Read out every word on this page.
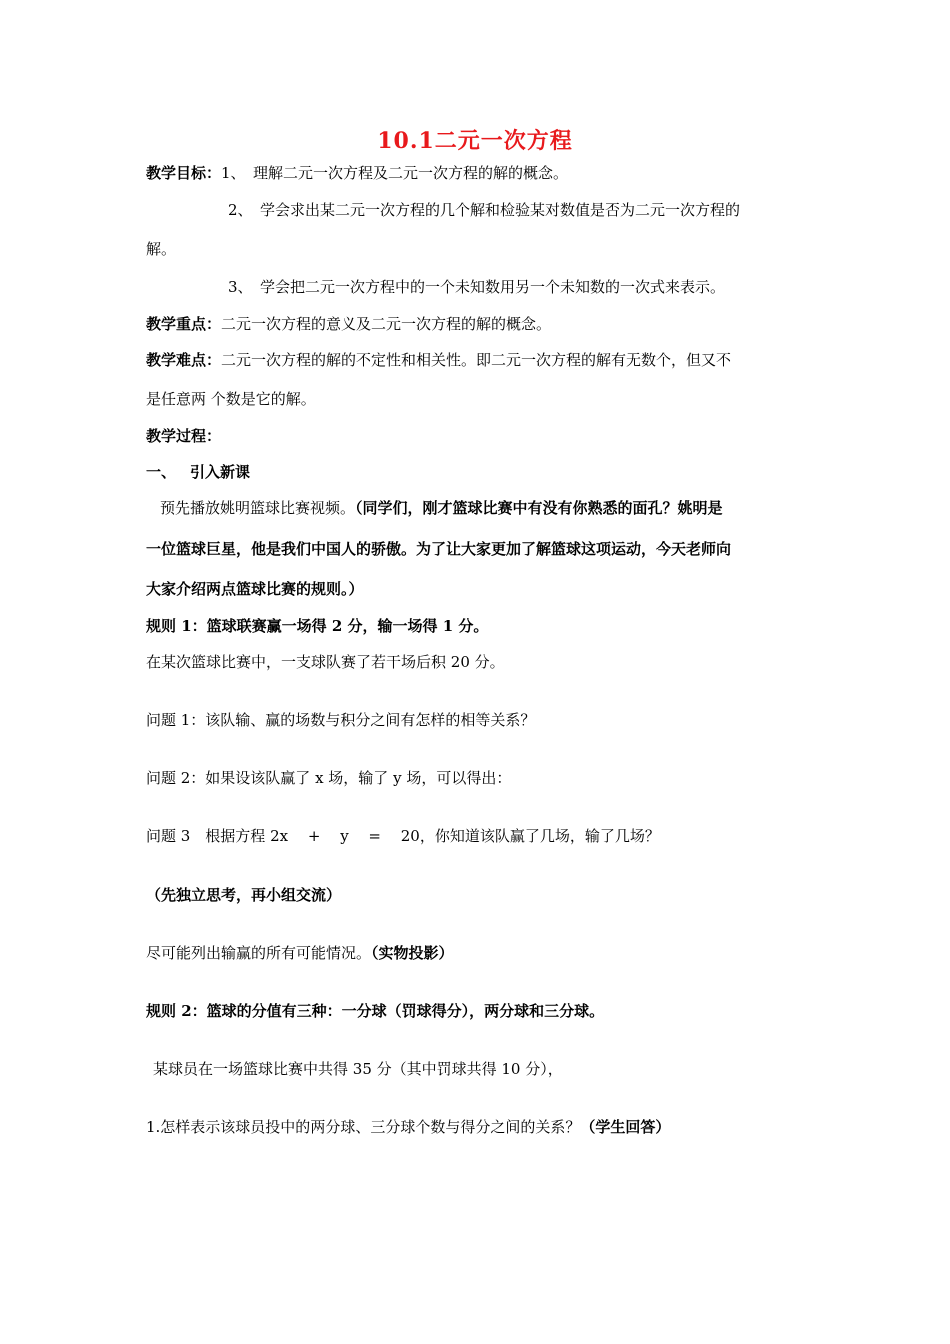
10.1二元一次方程
教学目标：1、　理解二元一次方程及二元一次方程的解的概念。
2、　学会求出某二元一次方程的几个解和检验某对数值是否为二元一次方程的
解。
3、　学会把二元一次方程中的一个未知数用另一个未知数的一次式来表示。
教学重点：二元一次方程的意义及二元一次方程的解的概念。
教学难点：二元一次方程的解的不定性和相关性。即二元一次方程的解有无数个，但又不
是任意两 个数是它的解。
教学过程：
一、 引入新课
预先播放姚明篮球比赛视频。（同学们，刚才篮球比赛中有没有你熟悉的面孔？姚明是
一位篮球巨星，他是我们中国人的骄傲。为了让大家更加了解篮球这项运动，今天老师向
大家介绍两点篮球比赛的规则。）
规则 1：篮球联赛赢一场得 2 分，输一场得 1 分。
在某次篮球比赛中，一支球队赛了若干场后积 20 分。
问题 1：该队输、赢的场数与积分之间有怎样的相等关系？
问题 2：如果设该队赢了 x 场，输了 y 场，可以得出：
问题 3　根据方程 2x　 +　 y　 =　 20，你知道该队赢了几场，输了几场？
（先独立思考，再小组交流）
尽可能列出输赢的所有可能情况。（实物投影）
规则 2：篮球的分值有三种：一分球（罚球得分），两分球和三分球。
某球员在一场篮球比赛中共得 35 分（其中罚球共得 10 分），
1.怎样表示该球员投中的两分球、三分球个数与得分之间的关系？（学生回答）
